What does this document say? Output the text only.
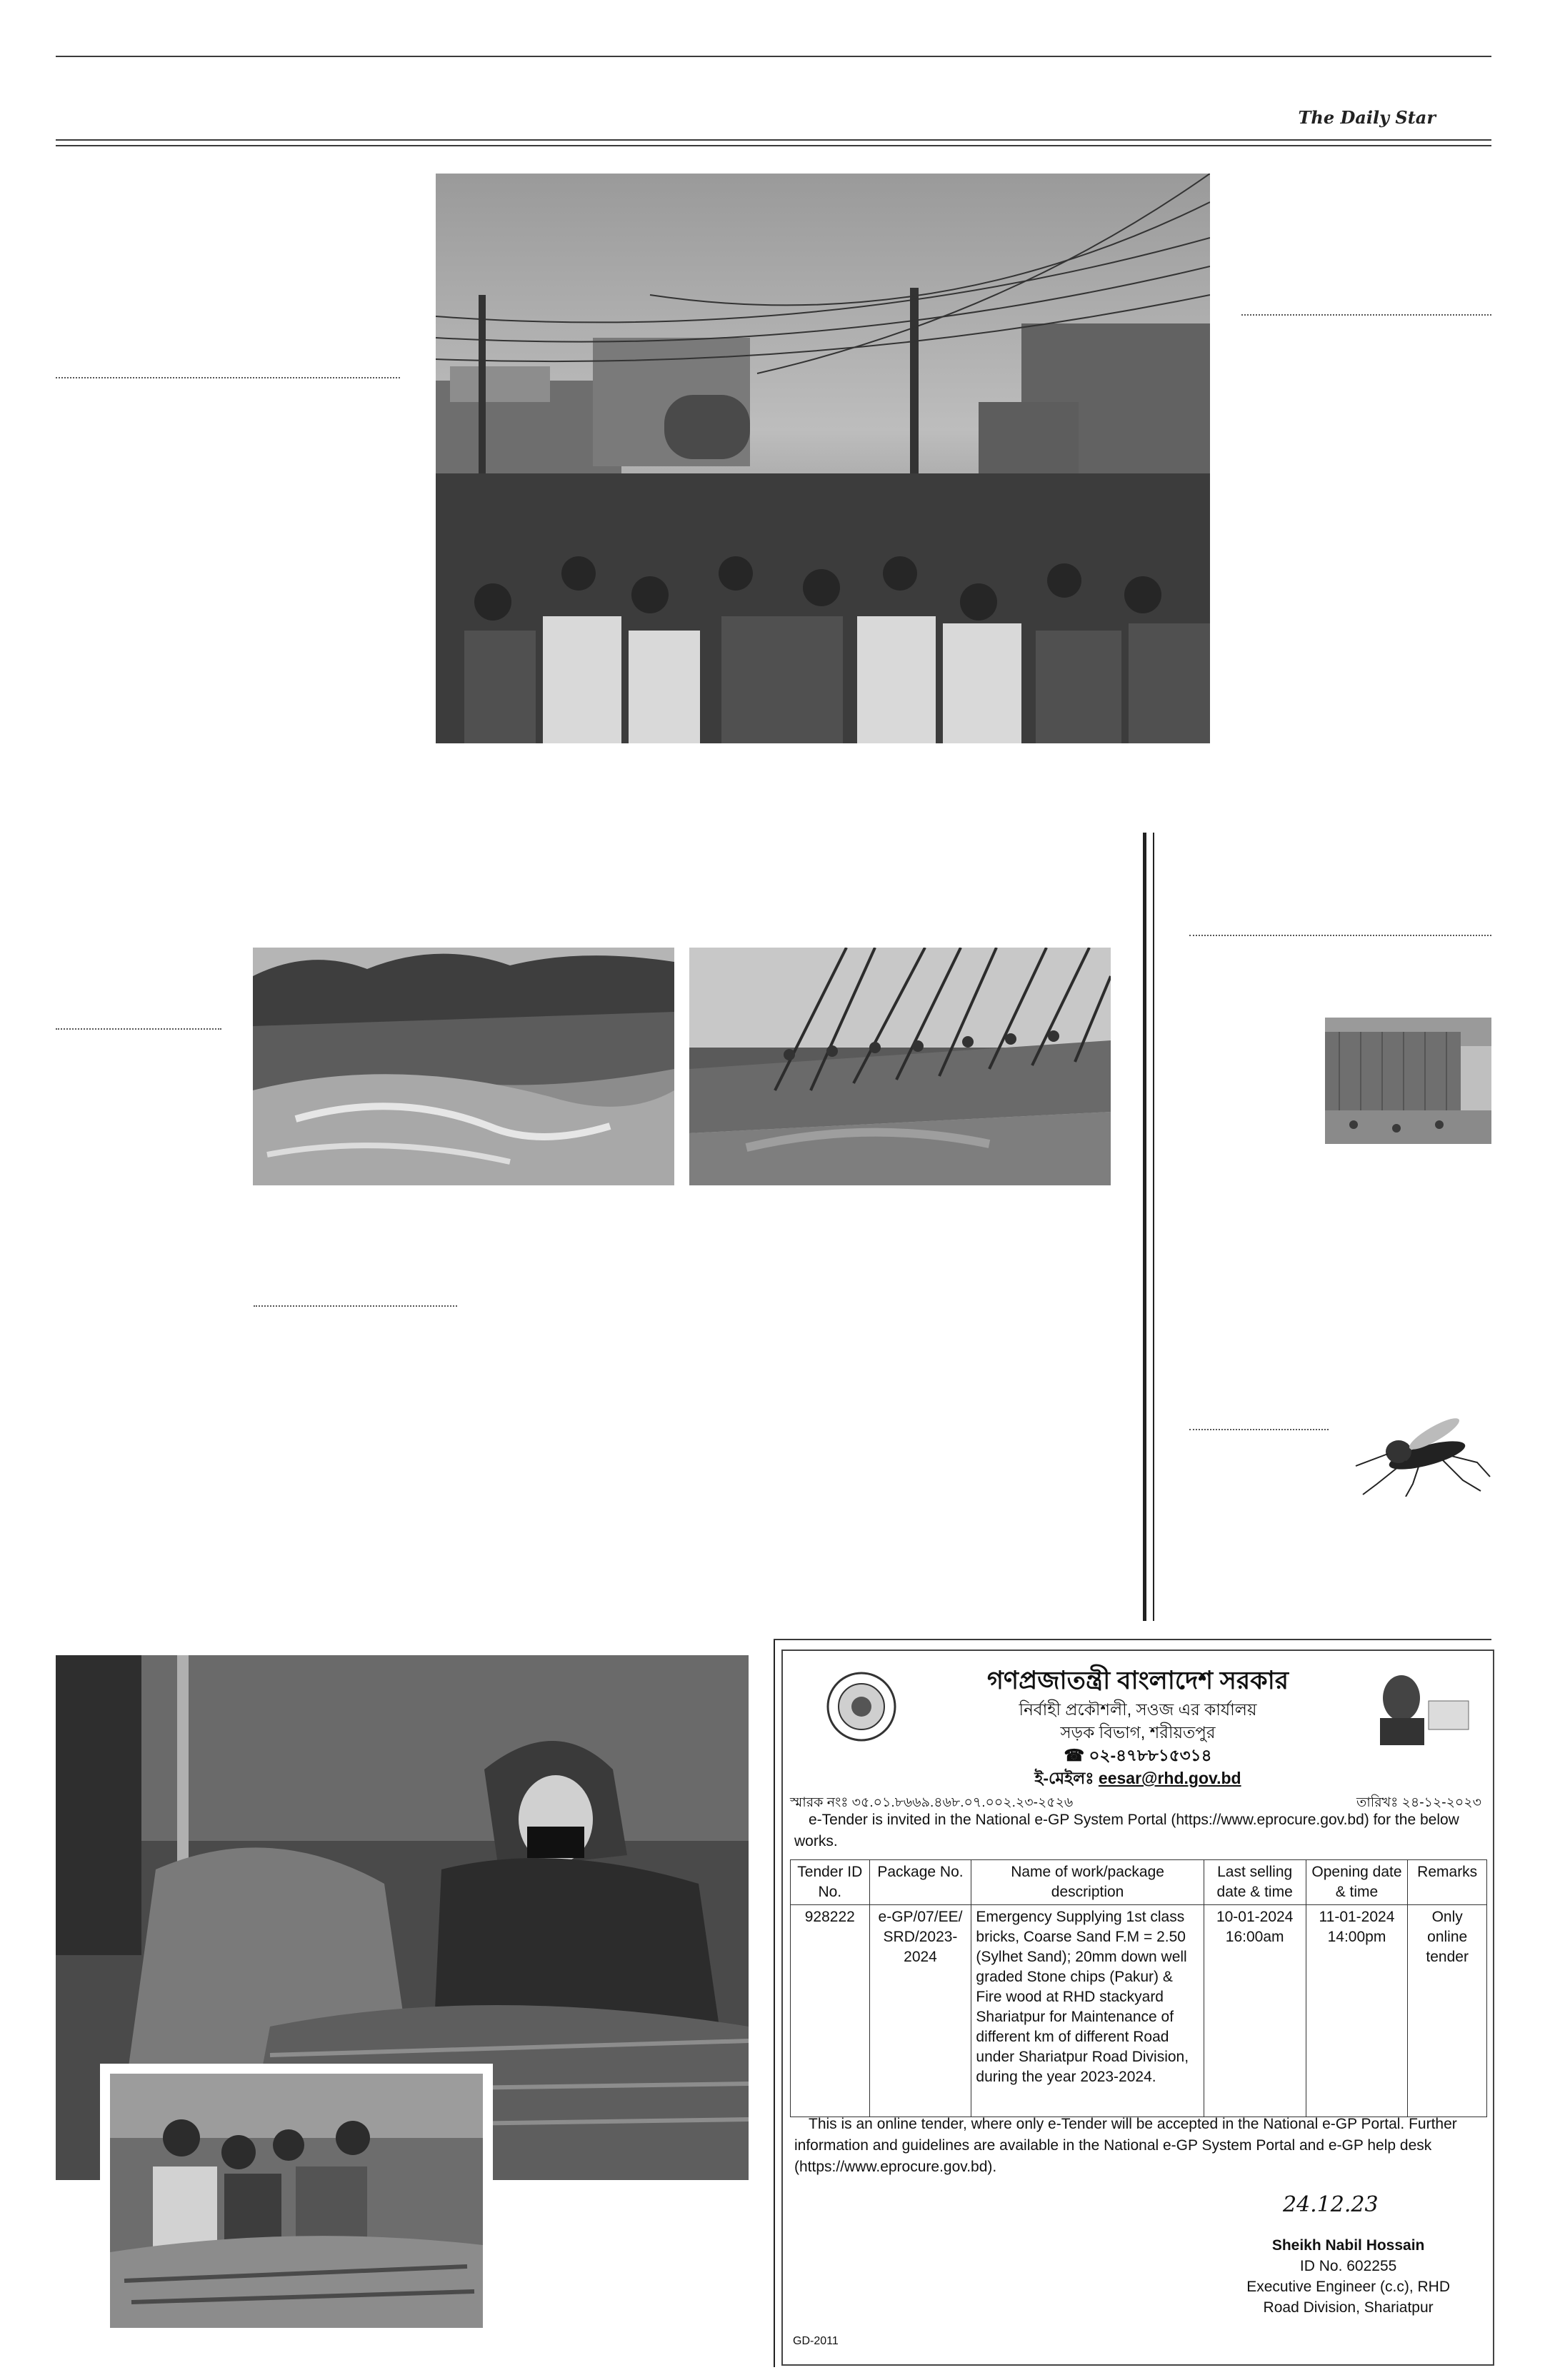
The Daily Star
গণপ্রজাতন্ত্রী বাংলাদেশ সরকার
নির্বাহী প্রকৌশলী, সওজ এর কার্যালয়
সড়ক বিভাগ, শরীয়তপুর
☎ ০২-৪৭৮৮১৫৩১৪
ই-মেইলঃ eesar@rhd.gov.bd
স্মারক নংঃ ৩৫.০১.৮৬৬৯.৪৬৮.০৭.০০২.২৩-২৫২৬	তারিখঃ ২৪-১২-২০২৩
e-Tender is invited in the National e-GP System Portal (https://www.eprocure.gov.bd) for the below works.
Tender ID No.	Package No.	Name of work/package description	Last selling date & time	Opening date & time	Remarks
928222	e-GP/07/EE/ SRD/2023- 2024	Emergency Supplying 1st class bricks, Coarse Sand F.M = 2.50 (Sylhet Sand); 20mm down well graded Stone chips (Pakur) & Fire wood at RHD stackyard Shariatpur for Maintenance of different km of different Road under Shariatpur Road Division, during the year 2023-2024.	10-01-2024 16:00am	11-01-2024 14:00pm	Only online tender
This is an online tender, where only e-Tender will be accepted in the National e-GP Portal. Further information and guidelines are available in the National e-GP System Portal and e-GP help desk (https://www.eprocure.gov.bd).
24.12.23
Sheikh Nabil Hossain
ID No. 602255
Executive Engineer (c.c), RHD
Road Division, Shariatpur
GD-2011
